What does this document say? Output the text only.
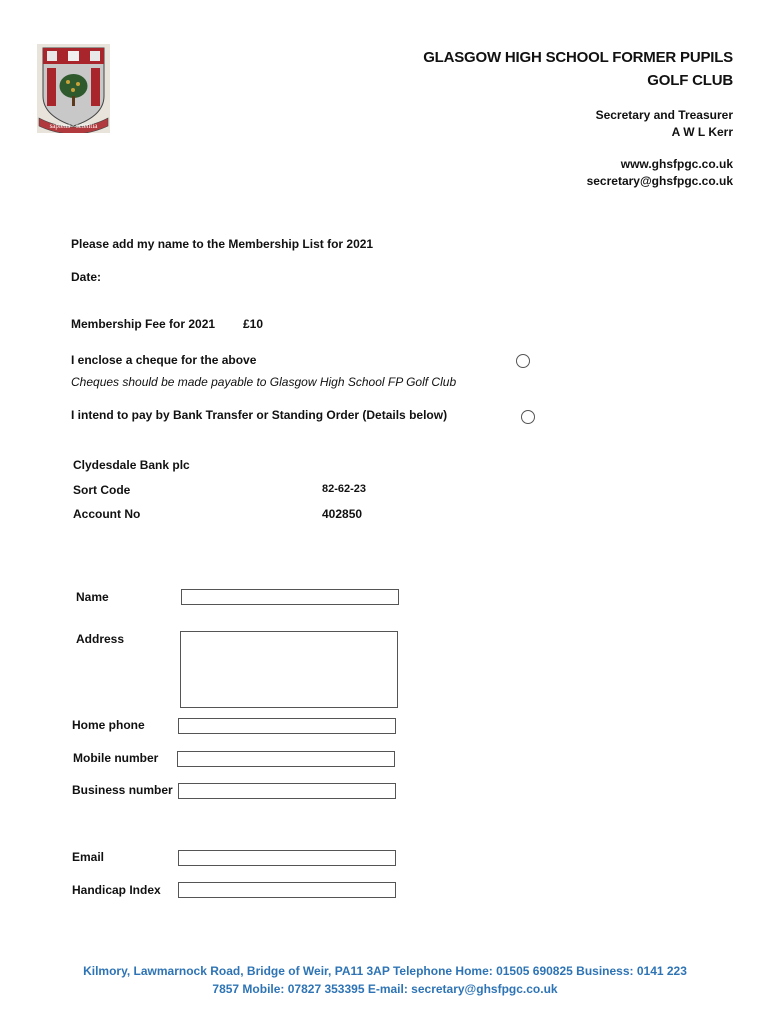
sapiens · scientia
GLASGOW HIGH SCHOOL FORMER PUPILS
GOLF CLUB
Secretary and Treasurer
A W L Kerr
www.ghsfpgc.co.uk
secretary@ghsfpgc.co.uk
Please add my name to the Membership List for 2021
Date:
Membership Fee for 2021 £10
I enclose a cheque for the above
Cheques should be made payable to Glasgow High School FP Golf Club
I intend to pay by Bank Transfer or Standing Order (Details below)
Clydesdale Bank plc
Sort Code	82-62-23
Account No	402850
Name
Address
Home phone
Mobile number
Business number
Email
Handicap Index
Kilmory, Lawmarnock Road, Bridge of Weir, PA11 3AP Telephone Home: 01505 690825 Business: 0141 223
7857 Mobile: 07827 353395 E-mail: secretary@ghsfpgc.co.uk
